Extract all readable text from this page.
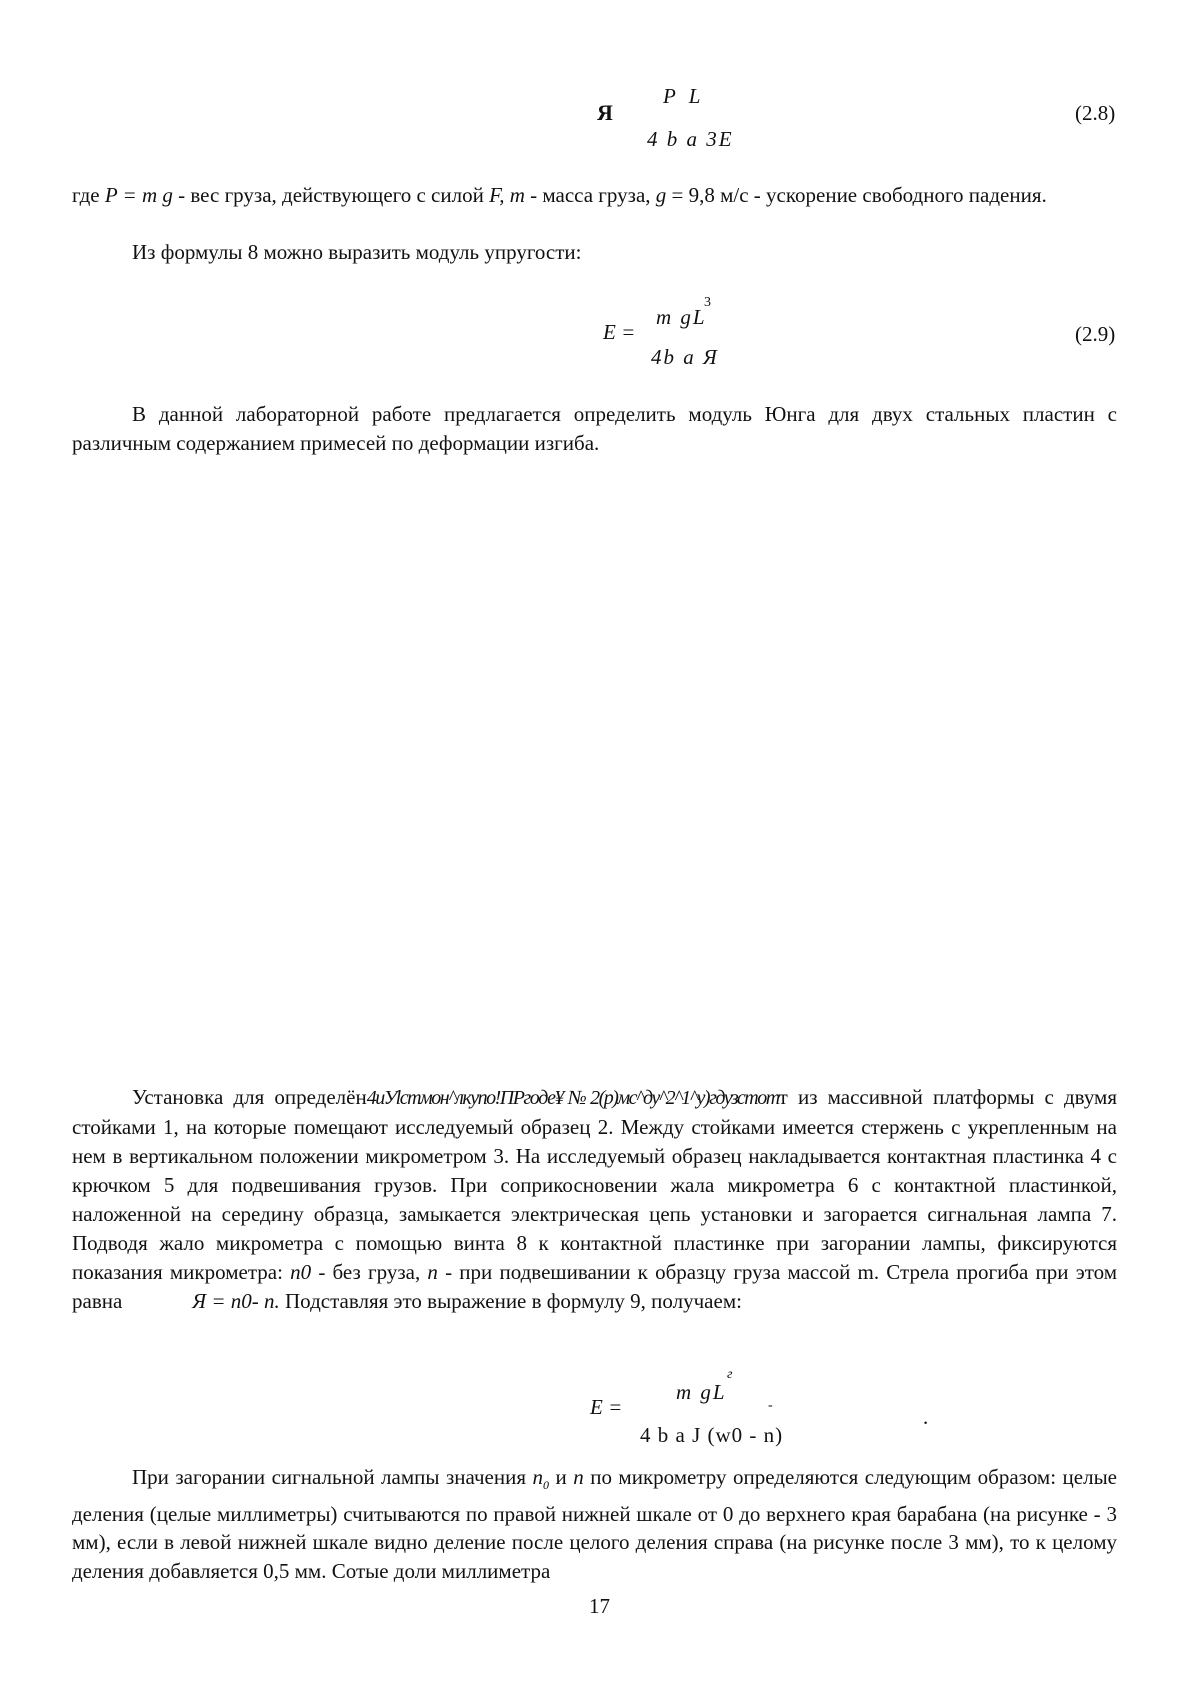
Я
P L
4 b a 3E
(2.8)

где P = m g - вес груза, действующего с силой F, m - масса груза, g = 9,8 м/с - ускорение свободного падения.

Из формулы 8 можно выразить модуль упругости:

E =
m gL
3
4b a Я
(2.9)

В данной лабораторной работе предлагается определить модуль Юнга для двух стальных пластин с различным содержанием примесей по деформации изгиба.

Установка для определён4uУlcтмон^лкуno!ПPгoде¥№2(p)мc^ду^2^1^у)гдузстотт из массивной платформы с двумя стойками 1, на которые помещают исследуемый образец 2. Между стойками имеется стержень с укрепленным на нем в вертикальном положении микрометром 3. На исследуемый образец накладывается контактная пластинка 4 с крючком 5 для подвешивания грузов. При соприкосновении жала микрометра 6 с контактной пластинкой, наложенной на середину образца, замыкается электрическая цепь установки и загорается сигнальная лампа 7. Подводя жало микрометра с помощью винта 8 к контактной пластинке при загорании лампы, фиксируются показания микрометра: n0 - без груза, n - при подвешивании к образцу груза массой m. Стрела прогиба при этом равна	Я = n0- n. Подставляя это выражение в формулу 9, получаем:

E =
m gL
г
-
4 b a J (w0 - n)
.

При загорании сигнальной лампы значения $n_0$ и n по микрометру определяются следующим образом: целые деления (целые миллиметры) считываются по правой нижней шкале от 0 до верхнего края барабана (на рисунке - 3 мм), если в левой нижней шкале видно деление после целого деления справа (на рисунке после 3 мм), то к целому деления добавляется 0,5 мм. Сотые доли миллиметра

17
